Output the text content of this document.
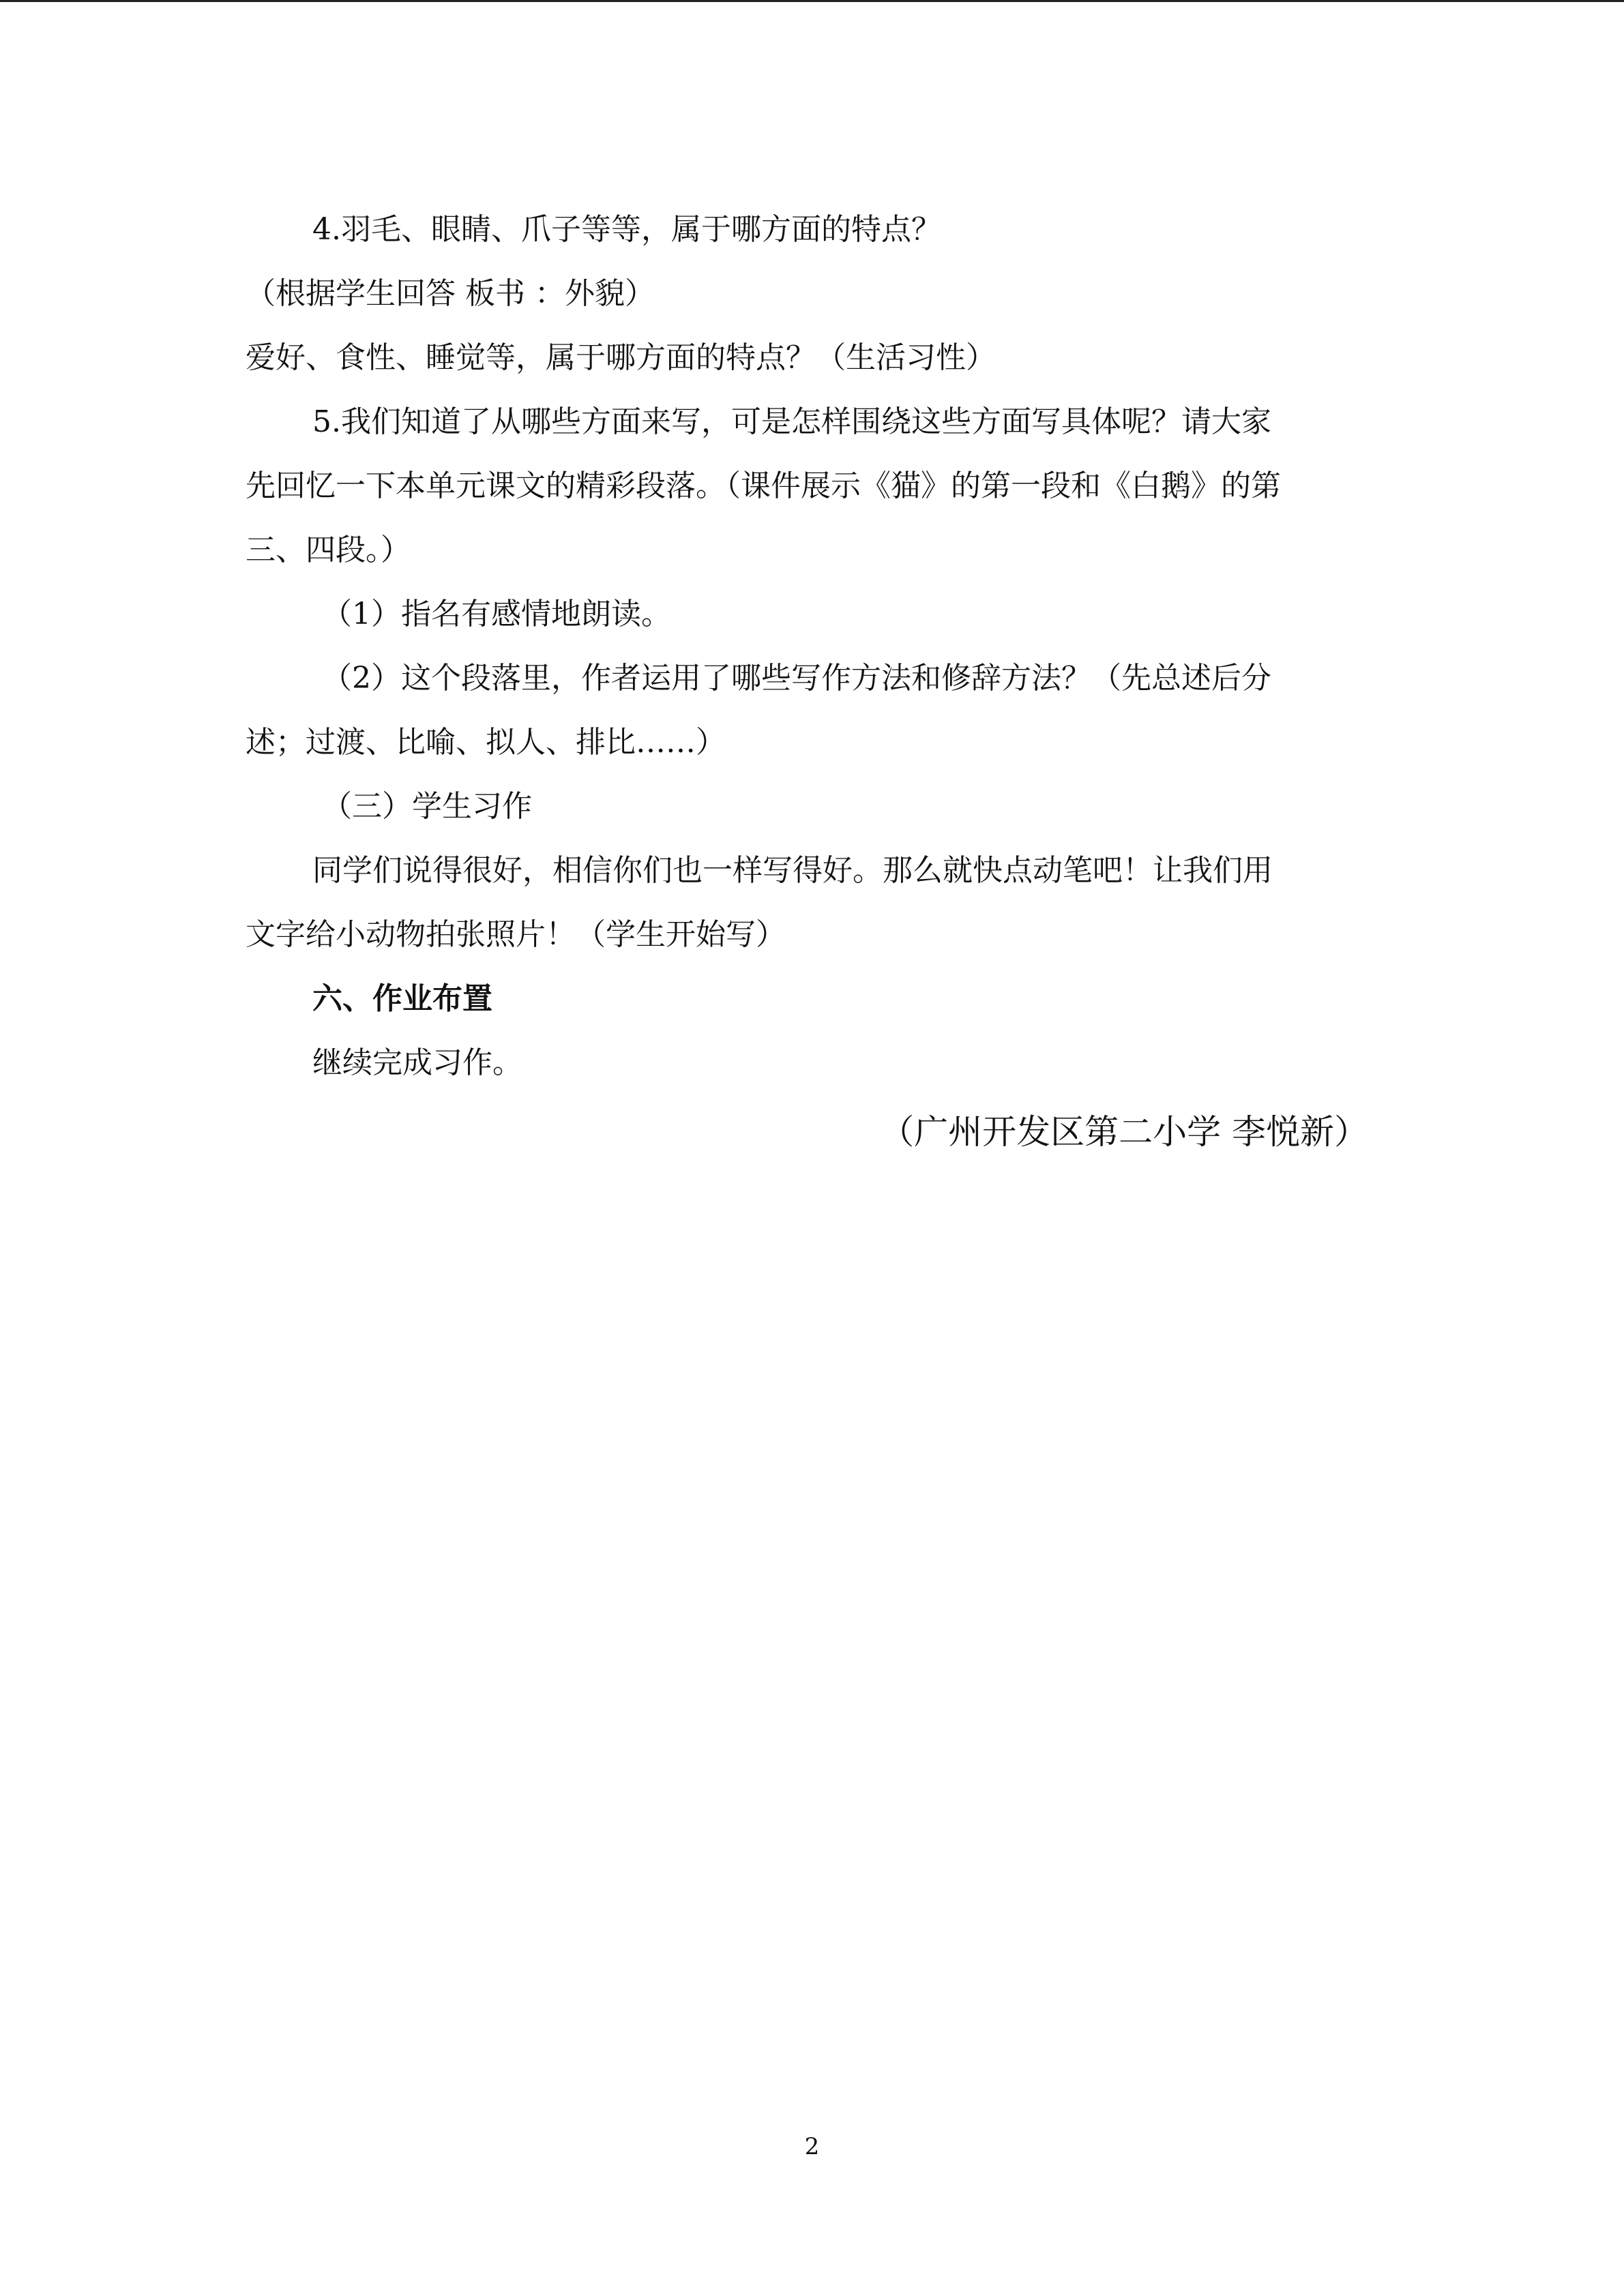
4.羽毛、眼睛、爪子等等，属于哪方面的特点？

（根据学生回答 板书 ：外貌）

爱好、食性、睡觉等，属于哪方面的特点？（生活习性）

5.我们知道了从哪些方面来写，可是怎样围绕这些方面写具体呢？请大家

先回忆一下本单元课文的精彩段落。（课件展示《猫》的第一段和《白鹅》的第

三、四段。）

（1）指名有感情地朗读。

（2）这个段落里，作者运用了哪些写作方法和修辞方法？（先总述后分

述；过渡、比喻、拟人、排比……）

（三）学生习作

同学们说得很好，相信你们也一样写得好。那么就快点动笔吧！让我们用

文字给小动物拍张照片！（学生开始写）

六、作业布置

继续完成习作。

（广州开发区第二小学 李悦新）
2
